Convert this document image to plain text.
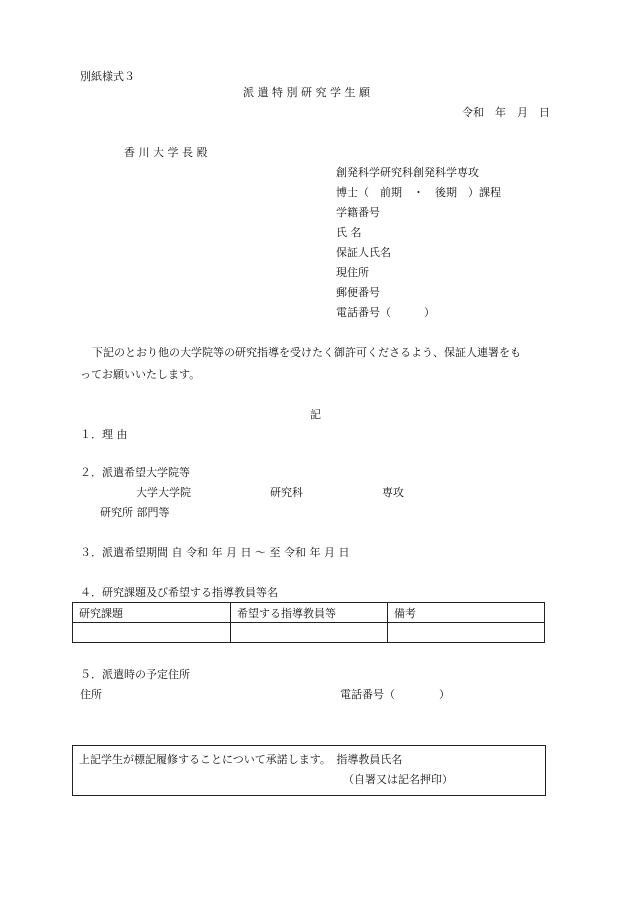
別紙様式３
派 遣 特 別 研 究 学 生 願
令和　年　月　日
香 川 大 学 長 殿
創発科学研究科創発科学専攻
博士（　前期　・　後期　）課程
学籍番号
氏 名
保証人氏名
現住所
郵便番号
電話番号（　　　）
下記のとおり他の大学院等の研究指導を受けたく御許可くださるよう、保証人連署をも
ってお願いいたします。
記
１．理 由
２．派遣希望大学院等
大学大学院	研究科	専攻
研究所 部門等
３．派遣希望期間 自 令和 年 月 日 〜 至 令和 年 月 日
４．研究課題及び希望する指導教員等名
研究課題	希望する指導教員等	備考

５．派遣時の予定住所
住所	電話番号（　　　　）
上記学生が標記履修することについて承諾します。　指導教員氏名
（自署又は記名押印）
